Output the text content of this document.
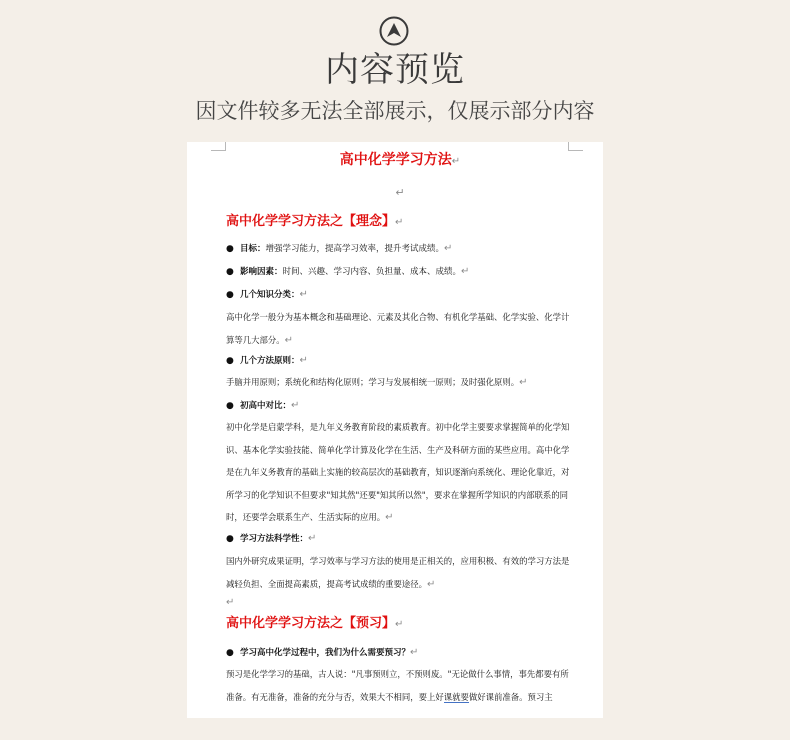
内容预览
因文件较多无法全部展示，仅展示部分内容
高中化学学习方法↵
↵
高中化学学习方法之【理念】↵
● 目标：增强学习能力，提高学习效率，提升考试成绩。↵
● 影响因素：时间、兴趣、学习内容、负担量、成本、成绩。↵
● 几个知识分类：↵
高中化学一般分为基本概念和基础理论、元素及其化合物、有机化学基础、化学实验、化学计算等几大部分。↵
● 几个方法原则：↵
手脑并用原则；系统化和结构化原则；学习与发展相统一原则；及时强化原则。↵
● 初高中对比：↵
初中化学是启蒙学科，是九年义务教育阶段的素质教育。初中化学主要要求掌握简单的化学知识、基本化学实验技能、简单化学计算及化学在生活、生产及科研方面的某些应用。高中化学是在九年义务教育的基础上实施的较高层次的基础教育，知识逐渐向系统化、理论化靠近，对所学习的化学知识不但要求"知其然"还要"知其所以然"，要求在掌握所学知识的内部联系的同时，还要学会联系生产、生活实际的应用。↵
● 学习方法科学性：↵
国内外研究成果证明，学习效率与学习方法的使用是正相关的，应用积极、有效的学习方法是减轻负担、全面提高素质，提高考试成绩的重要途径。↵
↵
高中化学学习方法之【预习】↵
● 学习高中化学过程中，我们为什么需要预习？↵
预习是化学学习的基础，古人说："凡事预则立，不预则废。"无论做什么事情，事先都要有所准备。有无准备，准备的充分与否，效果大不相同，要上好课就要做好课前准备。预习主
